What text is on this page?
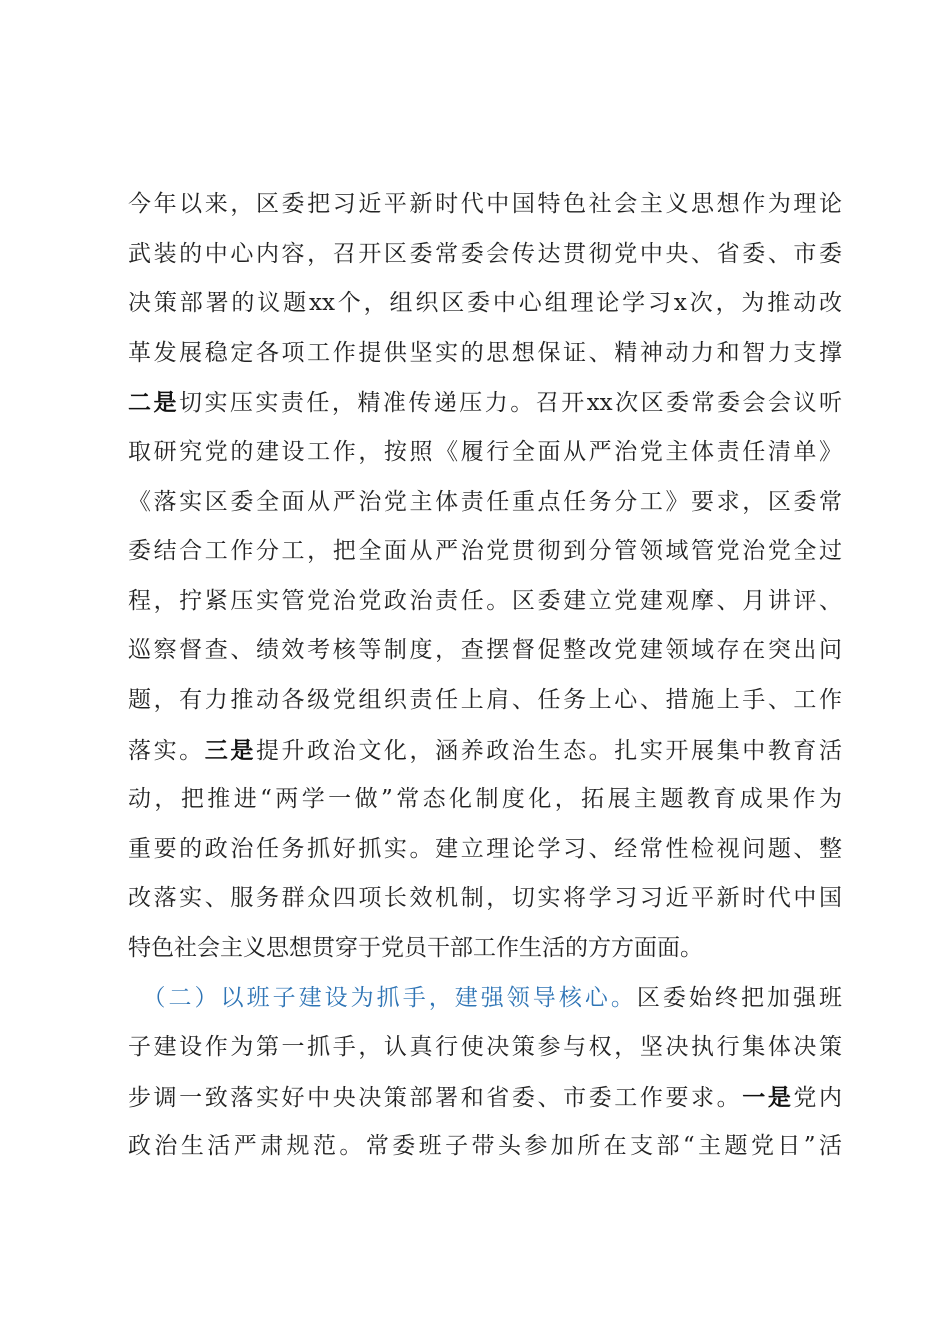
今年以来，区委把习近平新时代中国特色社会主义思想作为理论
武装的中心内容，召开区委常委会传达贯彻党中央、省委、市委
决策部署的议题xx个，组织区委中心组理论学习x次，为推动改
革发展稳定各项工作提供坚实的思想保证、精神动力和智力支撑
二是切实压实责任，精准传递压力。召开xx次区委常委会会议听
取研究党的建设工作，按照《履行全面从严治党主体责任清单》
《落实区委全面从严治党主体责任重点任务分工》要求，区委常
委结合工作分工，把全面从严治党贯彻到分管领域管党治党全过
程，拧紧压实管党治党政治责任。区委建立党建观摩、月讲评、
巡察督查、绩效考核等制度，查摆督促整改党建领域存在突出问
题，有力推动各级党组织责任上肩、任务上心、措施上手、工作
落实。三是提升政治文化，涵养政治生态。扎实开展集中教育活
动，把推进“两学一做”常态化制度化，拓展主题教育成果作为
重要的政治任务抓好抓实。建立理论学习、经常性检视问题、整
改落实、服务群众四项长效机制，切实将学习习近平新时代中国
特色社会主义思想贯穿于党员干部工作生活的方方面面。
　（二）以班子建设为抓手，建强领导核心。区委始终把加强班
子建设作为第一抓手，认真行使决策参与权，坚决执行集体决策
步调一致落实好中央决策部署和省委、市委工作要求。一是党内
政治生活严肃规范。常委班子带头参加所在支部“主题党日”活
